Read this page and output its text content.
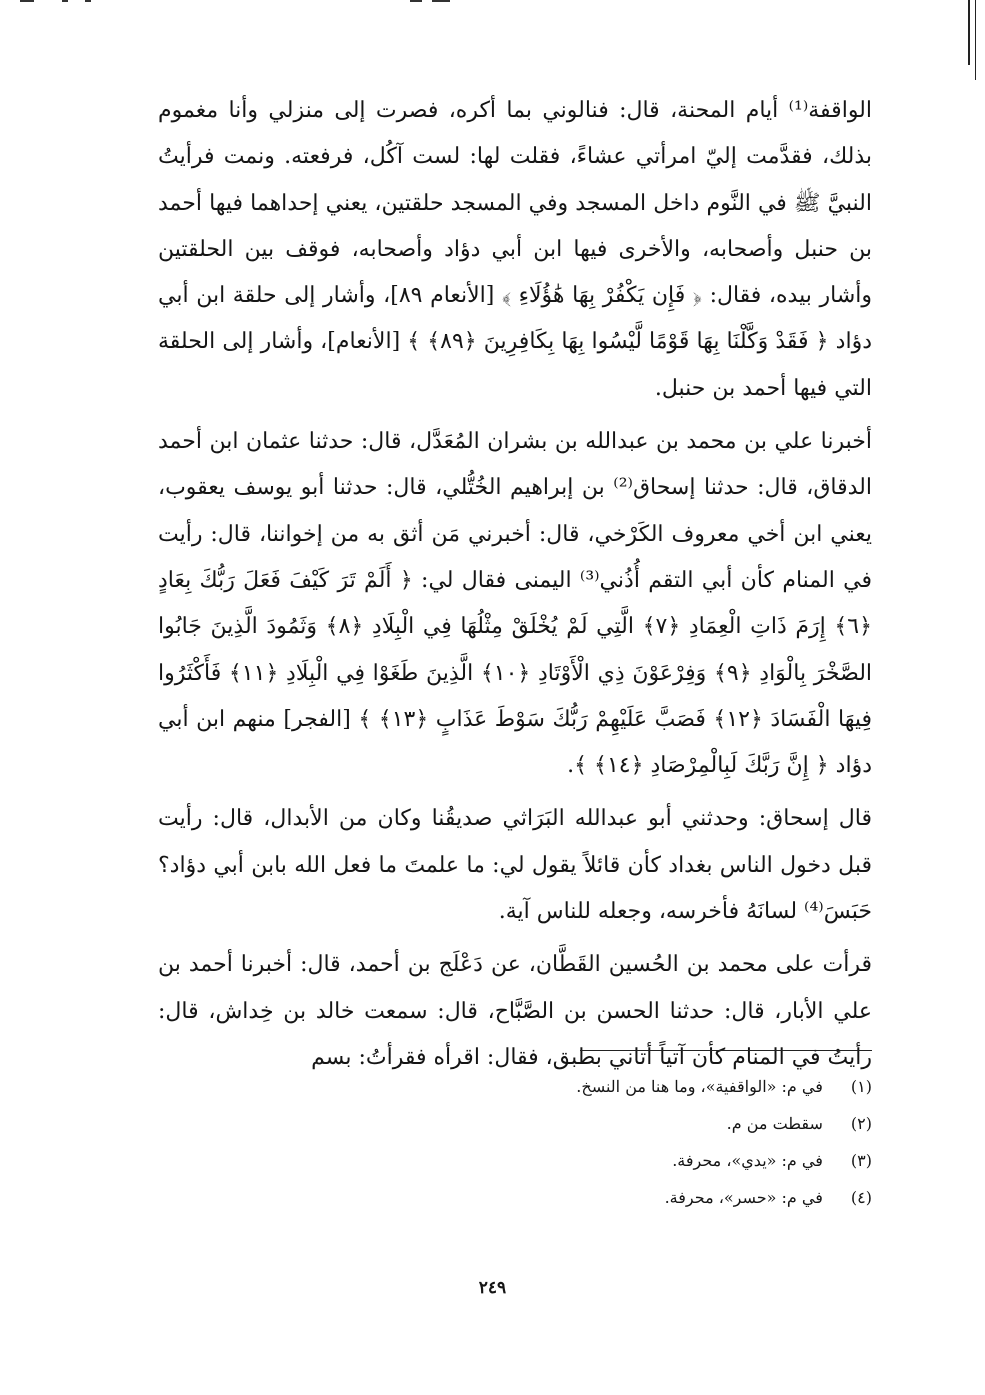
الواقفة⁽¹⁾ أيام المحنة، قال: فنالوني بما أكره، فصرت إلى منزلي وأنا مغموم بذلك، فقدَّمت إليّ امرأتي عشاءً، فقلت لها: لست آكُل، فرفعته. ونمت فرأيتُ النبيَّ ﷺ في النَّوم داخل المسجد وفي المسجد حلقتين، يعني إحداهما فيها أحمد بن حنبل وأصحابه، والأخرى فيها ابن أبي دؤاد وأصحابه، فوقف بين الحلقتين وأشار بيده، فقال: ﴿ فَإِن يَكْفُرْ بِهَا هَٰؤُلَاءِ ﴾ [الأنعام ٨٩]، وأشار إلى حلقة ابن أبي دؤاد ﴿ فَقَدْ وَكَّلْنَا بِهَا قَوْمًا لَّيْسُوا بِهَا بِكَافِرِينَ ﴿٨٩﴾ ﴾ [الأنعام]، وأشار إلى الحلقة التي فيها أحمد بن حنبل.

أخبرنا علي بن محمد بن عبدالله بن بشران المُعَدَّل، قال: حدثنا عثمان ابن أحمد الدقاق، قال: حدثنا إسحاق⁽²⁾ بن إبراهيم الخُتُّلي، قال: حدثنا أبو يوسف يعقوب، يعني ابن أخي معروف الكَرْخي، قال: أخبرني مَن أثق به من إخواننا، قال: رأيت في المنام كأن أبي التقم أُذُني⁽³⁾ اليمنى فقال لي: ﴿ أَلَمْ تَرَ كَيْفَ فَعَلَ رَبُّكَ بِعَادٍ ﴿٦﴾ إِرَمَ ذَاتِ الْعِمَادِ ﴿٧﴾ الَّتِي لَمْ يُخْلَقْ مِثْلُهَا فِي الْبِلَادِ ﴿٨﴾ وَثَمُودَ الَّذِينَ جَابُوا الصَّخْرَ بِالْوَادِ ﴿٩﴾ وَفِرْعَوْنَ ذِي الْأَوْتَادِ ﴿١٠﴾ الَّذِينَ طَغَوْا فِي الْبِلَادِ ﴿١١﴾ فَأَكْثَرُوا فِيهَا الْفَسَادَ ﴿١٢﴾ فَصَبَّ عَلَيْهِمْ رَبُّكَ سَوْطَ عَذَابٍ ﴿١٣﴾ ﴾ [الفجر] منهم ابن أبي دؤاد ﴿ إِنَّ رَبَّكَ لَبِالْمِرْصَادِ ﴿١٤﴾ ﴾.

قال إسحاق: وحدثني أبو عبدالله البَرَاثي صديقُنا وكان من الأبدال، قال: رأيت قبل دخول الناس بغداد كأن قائلاً يقول لي: ما علمتَ ما فعل الله بابن أبي دؤاد؟ حَبَسَ⁽⁴⁾ لسانَهُ فأخرسه، وجعله للناس آية.

قرأت على محمد بن الحُسين القَطَّان، عن دَعْلَج بن أحمد، قال: أخبرنا أحمد بن علي الأبار، قال: حدثنا الحسن بن الصَّبَّاح، قال: سمعت خالد بن خِداش، قال: رأيتُ في المنام كأن آتياً أتاني بطبق، فقال: اقرأه فقرأتُ: بسم

(١) في م: «الواقفية»، وما هنا من النسخ.
(٢) سقطت من م.
(٣) في م: «يدي»، محرفة.
(٤) في م: «حسر»، محرفة.
٢٤٩
